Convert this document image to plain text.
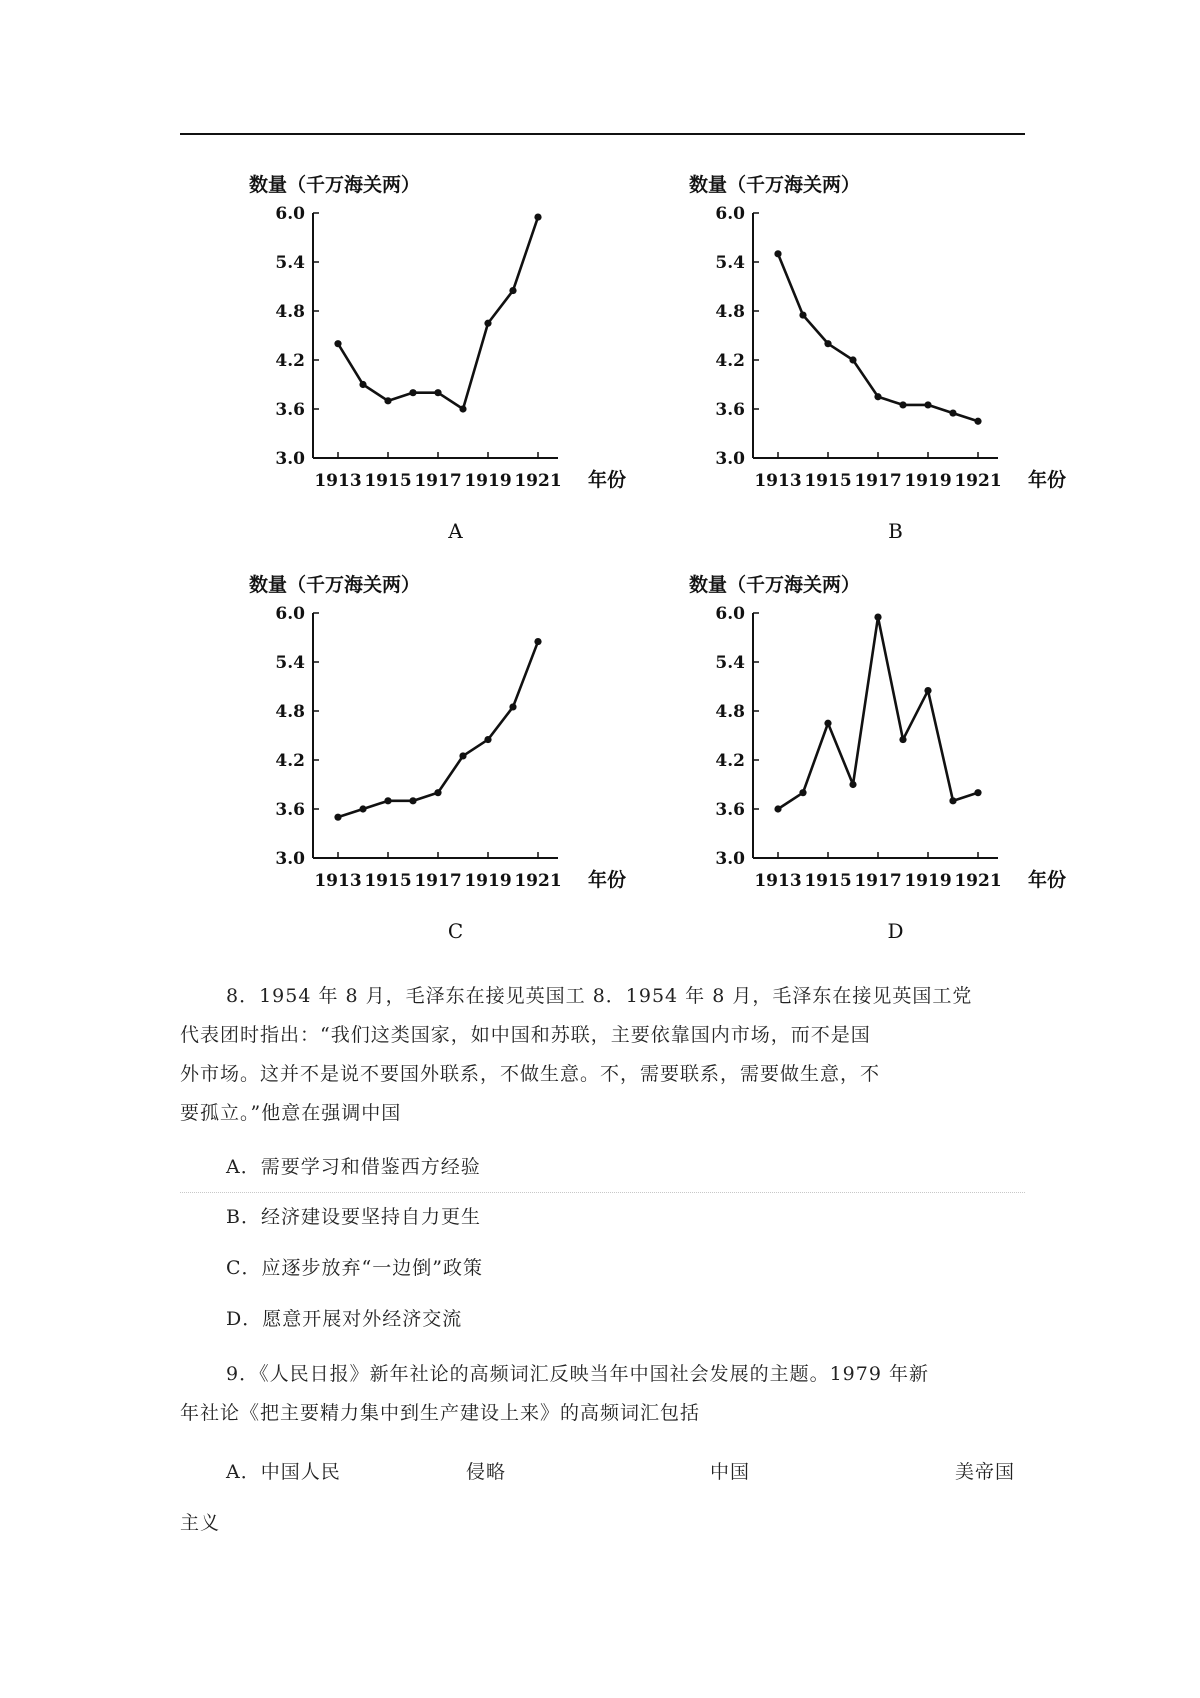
数量（千万海关两）
3.0
3.6
4.2
4.8
5.4
6.0
1913 1915 1917 1919 1921 年份
A
数量（千万海关两）
3.0
3.6
4.2
4.8
5.4
6.0
1913 1915 1917 1919 1921 年份
B
数量（千万海关两）
3.0
3.6
4.2
4.8
5.4
6.0
1913 1915 1917 1919 1921 年份
C
数量（千万海关两）
3.0
3.6
4.2
4.8
5.4
6.0
1913 1915 1917 1919 1921 年份
D

8．1954 年 8 月，毛泽东在接见英国工 8．1954 年 8 月，毛泽东在接见英国工党

代表团时指出：“我们这类国家，如中国和苏联，主要依靠国内市场，而不是国

外市场。这并不是说不要国外联系，不做生意。不，需要联系，需要做生意，不

要孤立。”他意在强调中国

A．需要学习和借鉴西方经验

B．经济建设要坚持自力更生

C．应逐步放弃“一边倒”政策

D．愿意开展对外经济交流

9．《人民日报》新年社论的高频词汇反映当年中国社会发展的主题。1979 年新

年社论《把主要精力集中到生产建设上来》的高频词汇包括

A．中国人民	侵略	中国	美帝国
主义
